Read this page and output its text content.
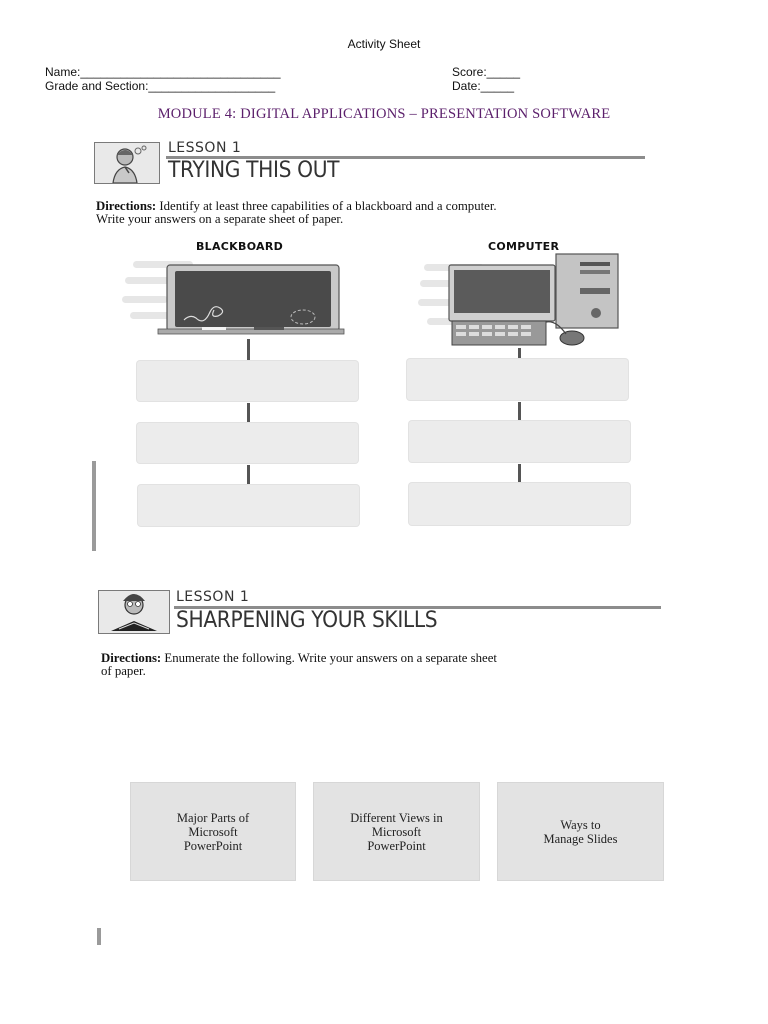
Activity Sheet
Name:______________________________	Score:_____
Grade and Section:___________________	Date:_____
MODULE 4: DIGITAL APPLICATIONS – PRESENTATION SOFTWARE
LESSON 1
TRYING THIS OUT
Directions: Identify at least three capabilities of a blackboard and a computer.
Write your answers on a separate sheet of paper.
BLACKBOARD	COMPUTER
LESSON 1
SHARPENING YOUR SKILLS
Directions: Enumerate the following. Write your answers on a separate sheet
of paper.
Major Parts of
Microsoft
PowerPoint
Different Views in
Microsoft
PowerPoint
Ways to
Manage Slides
